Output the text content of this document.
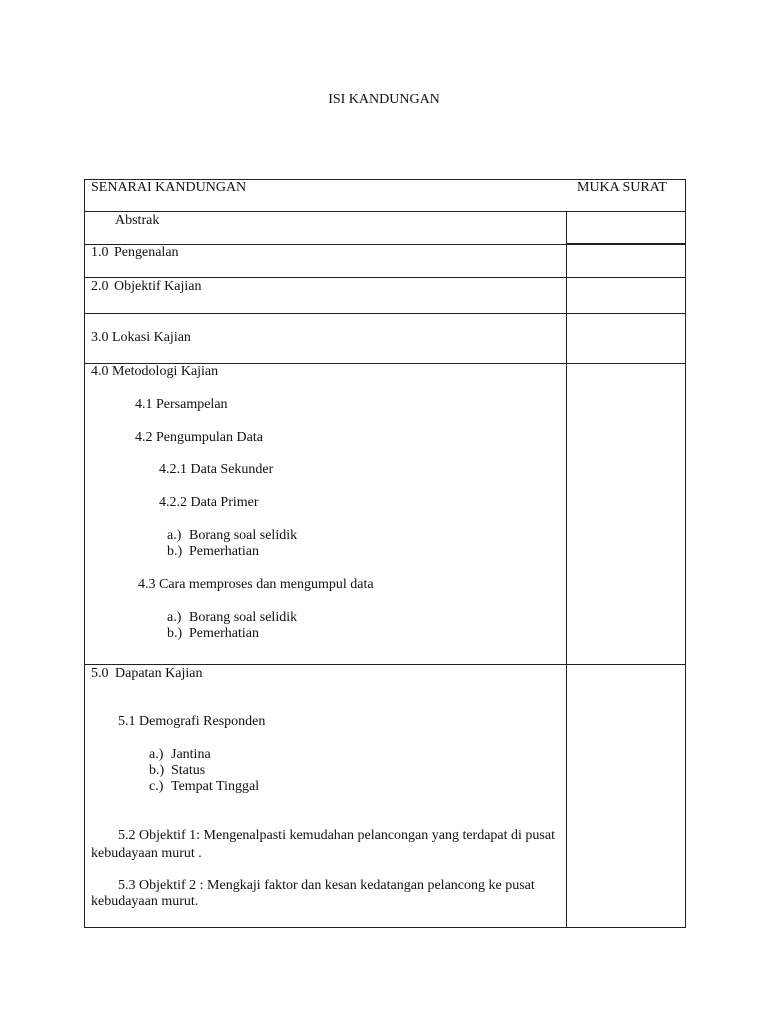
ISI KANDUNGAN
SENARAI KANDUNGAN	MUKA SURAT
Abstrak
1.0 Pengenalan
2.0 Objektif Kajian
3.0 Lokasi Kajian
4.0 Metodologi Kajian
4.1 Persampelan
4.2 Pengumpulan Data
4.2.1 Data Sekunder
4.2.2 Data Primer
a.) Borang soal selidik
b.) Pemerhatian
4.3 Cara memproses dan mengumpul data
a.) Borang soal selidik
b.) Pemerhatian
5.0 Dapatan Kajian
5.1 Demografi Responden
a.) Jantina
b.) Status
c.) Tempat Tinggal
5.2 Objektif 1: Mengenalpasti kemudahan pelancongan yang terdapat di pusat
kebudayaan murut .
5.3 Objektif 2 : Mengkaji faktor dan kesan kedatangan pelancong ke pusat
kebudayaan murut.
